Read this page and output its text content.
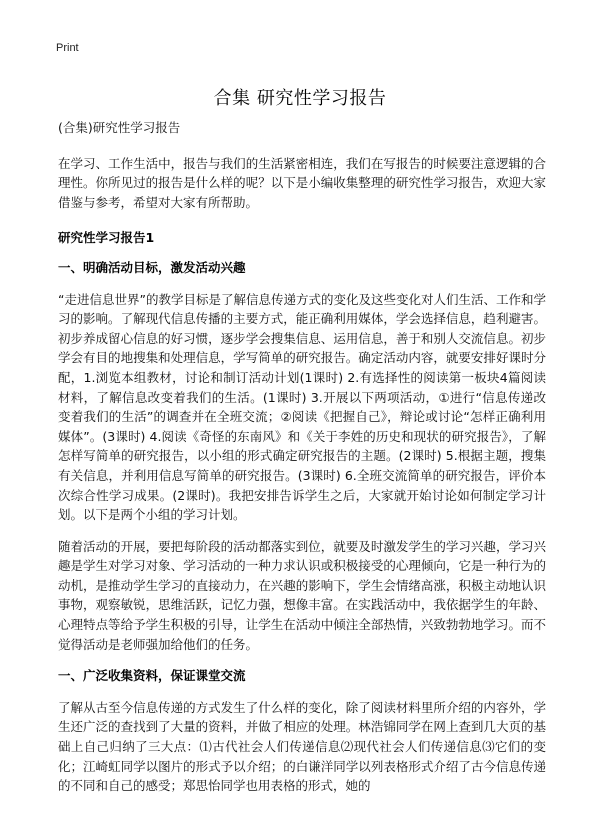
Print
合集 研究性学习报告

(合集)研究性学习报告

在学习、工作生活中，报告与我们的生活紧密相连，我们在写报告的时候要注意逻辑的合理性。你所见过的报告是什么样的呢？以下是小编收集整理的研究性学习报告，欢迎大家借鉴与参考，希望对大家有所帮助。

研究性学习报告1
一、明确活动目标，激发活动兴趣

“走进信息世界”的教学目标是了解信息传递方式的变化及这些变化对人们生活、工作和学习的影响。了解现代信息传播的主要方式，能正确利用媒体，学会选择信息，趋利避害。初步养成留心信息的好习惯，逐步学会搜集信息、运用信息，善于和别人交流信息。初步学会有目的地搜集和处理信息，学写简单的研究报告。确定活动内容，就要安排好课时分配，1.浏览本组教材，讨论和制订活动计划(1课时) 2.有选择性的阅读第一板块4篇阅读材料，了解信息改变着我们的生活。(1课时) 3.开展以下两项活动，①进行“信息传递改变着我们的生活”的调查并在全班交流；②阅读《把握自己》，辩论或讨论“怎样正确利用媒体”。(3课时) 4.阅读《奇怪的东南风》和《关于李姓的历史和现状的研究报告》，了解怎样写简单的研究报告，以小组的形式确定研究报告的主题。(2课时) 5.根据主题，搜集有关信息，并利用信息写简单的研究报告。(3课时) 6.全班交流简单的研究报告，评价本次综合性学习成果。(2课时)。我把安排告诉学生之后，大家就开始讨论如何制定学习计划。以下是两个小组的学习计划。

随着活动的开展，要把每阶段的活动都落实到位，就要及时激发学生的学习兴趣，学习兴趣是学生对学习对象、学习活动的一种力求认识或积极接受的心理倾向，它是一种行为的动机，是推动学生学习的直接动力，在兴趣的影响下，学生会情绪高涨，积极主动地认识事物，观察敏锐，思维活跃，记忆力强，想像丰富。在实践活动中，我依据学生的年龄、心理特点等给予学生积极的引导，让学生在活动中倾注全部热情，兴致勃勃地学习。而不觉得活动是老师强加给他们的任务。

一、广泛收集资料，保证课堂交流

了解从古至今信息传递的方式发生了什么样的变化，除了阅读材料里所介绍的内容外，学生还广泛的查找到了大量的资料，并做了相应的处理。林浩锦同学在网上查到几大页的基础上自己归纳了三大点：⑴古代社会人们传递信息⑵现代社会人们传递信息⑶它们的变化；江崎虹同学以图片的形式予以介绍；的白谦洋同学以列表格形式介绍了古今信息传递的不同和自己的感受；郑思怡同学也用表格的形式，她的
